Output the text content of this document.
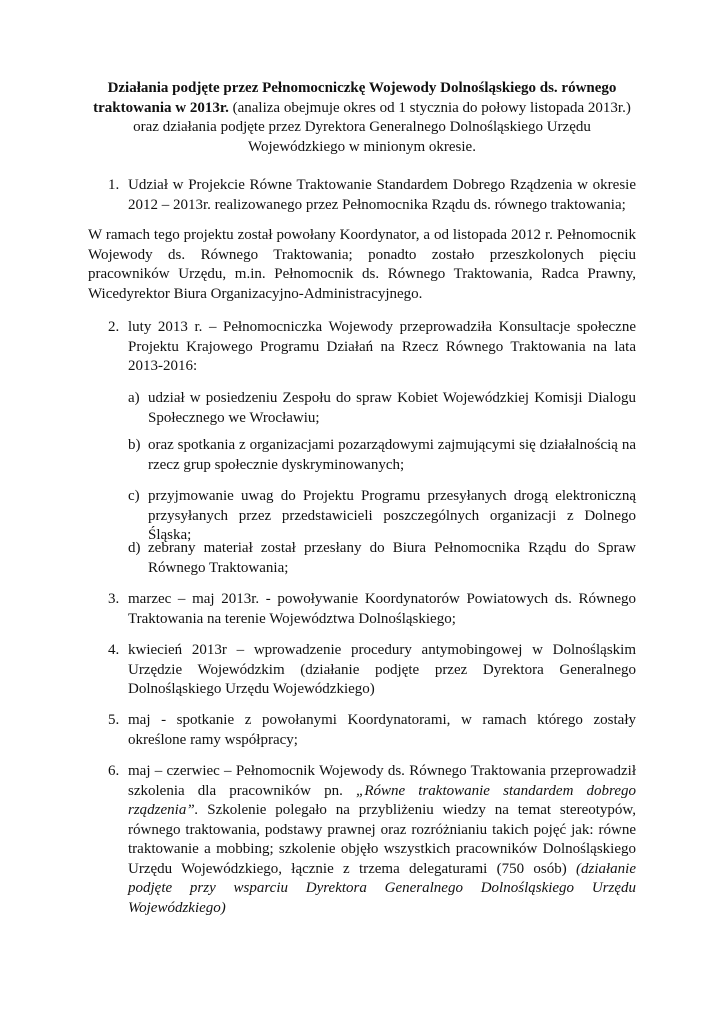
Działania podjęte przez Pełnomocniczkę Wojewody Dolnośląskiego ds. równego traktowania w 2013r. (analiza obejmuje okres od 1 stycznia do połowy listopada 2013r.) oraz działania podjęte przez Dyrektora Generalnego Dolnośląskiego Urzędu Wojewódzkiego w minionym okresie.
1. Udział w Projekcie Równe Traktowanie Standardem Dobrego Rządzenia w okresie 2012 – 2013r. realizowanego przez Pełnomocnika Rządu ds. równego traktowania;
W ramach tego projektu został powołany Koordynator, a od listopada 2012 r. Pełnomocnik Wojewody ds. Równego Traktowania; ponadto zostało przeszkolonych pięciu pracowników Urzędu, m.in. Pełnomocnik ds. Równego Traktowania, Radca Prawny, Wicedyrektor Biura Organizacyjno-Administracyjnego.
2. luty 2013 r. – Pełnomocniczka Wojewody przeprowadziła Konsultacje społeczne Projektu Krajowego Programu Działań na Rzecz Równego Traktowania na lata 2013-2016:
a) udział w posiedzeniu Zespołu do spraw Kobiet Wojewódzkiej Komisji Dialogu Społecznego we Wrocławiu;
b) oraz spotkania z organizacjami pozarządowymi zajmującymi się działalnością na rzecz grup społecznie dyskryminowanych;
c) przyjmowanie uwag do Projektu Programu przesyłanych drogą elektroniczną przysyłanych przez przedstawicieli poszczególnych organizacji z Dolnego Śląska;
d) zebrany materiał został przesłany do Biura Pełnomocnika Rządu do Spraw Równego Traktowania;
3. marzec – maj 2013r. - powoływanie Koordynatorów Powiatowych ds. Równego Traktowania na terenie Województwa Dolnośląskiego;
4. kwiecień 2013r – wprowadzenie procedury antymobingowej w Dolnośląskim Urzędzie Wojewódzkim (działanie podjęte przez Dyrektora Generalnego Dolnośląskiego Urzędu Wojewódzkiego)
5. maj - spotkanie z powołanymi Koordynatorami, w ramach którego zostały określone ramy współpracy;
6. maj – czerwiec – Pełnomocnik Wojewody ds. Równego Traktowania przeprowadził szkolenia dla pracowników pn. „Równe traktowanie standardem dobrego rządzenia”. Szkolenie polegało na przybliżeniu wiedzy na temat stereotypów, równego traktowania, podstawy prawnej oraz rozróżnianiu takich pojęć jak: równe traktowanie a mobbing; szkolenie objęło wszystkich pracowników Dolnośląskiego Urzędu Wojewódzkiego, łącznie z trzema delegaturami (750 osób) (działanie podjęte przy wsparciu Dyrektora Generalnego Dolnośląskiego Urzędu Wojewódzkiego)
